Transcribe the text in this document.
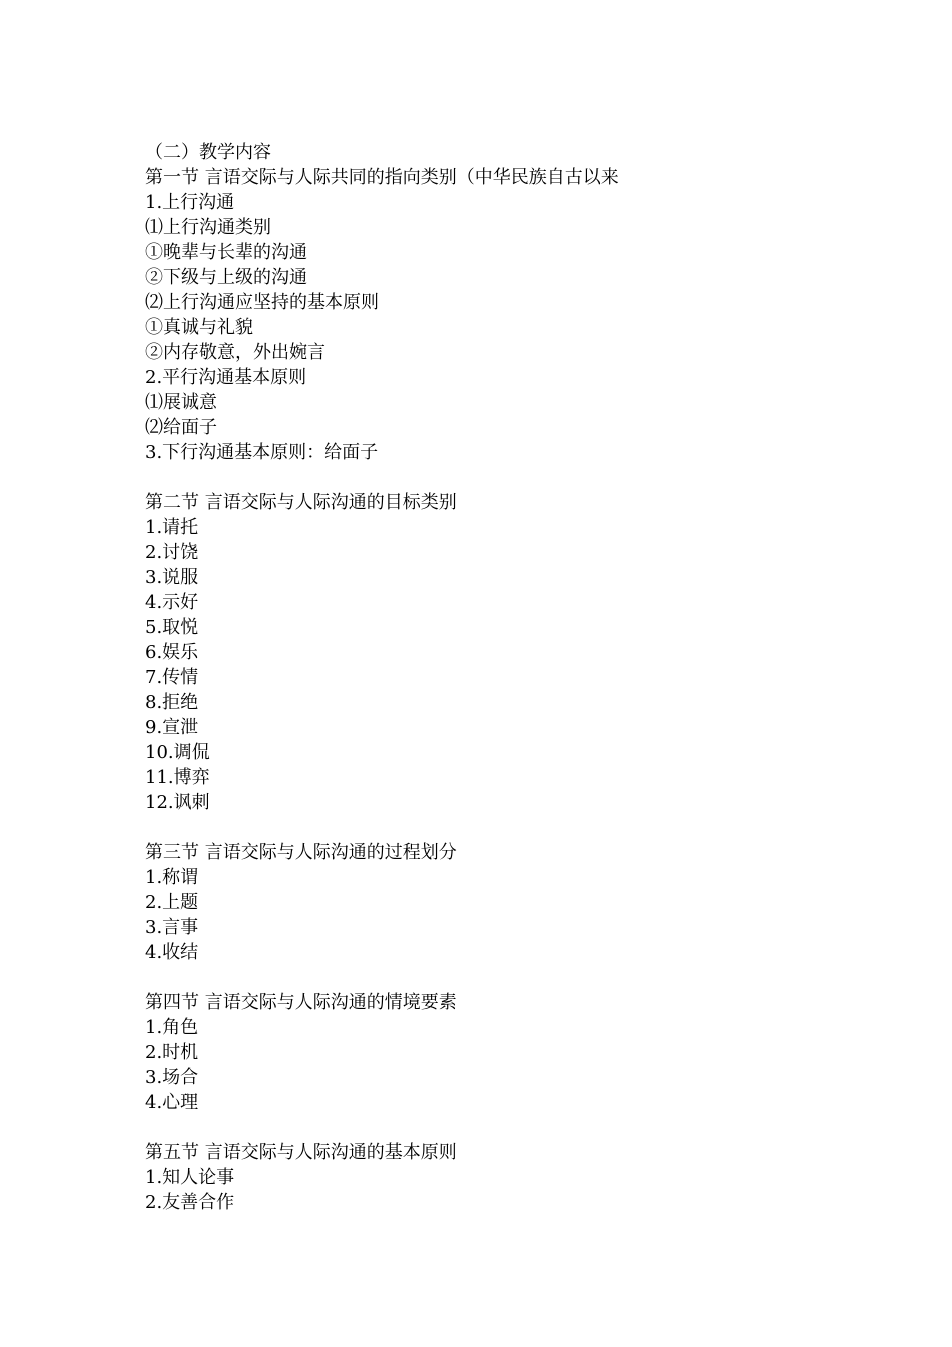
（二）教学内容
第一节 言语交际与人际共同的指向类别（中华民族自古以来
1.上行沟通
⑴上行沟通类别
①晚辈与长辈的沟通
②下级与上级的沟通
⑵上行沟通应坚持的基本原则
①真诚与礼貌
②内存敬意，外出婉言
2.平行沟通基本原则
⑴展诚意
⑵给面子
3.下行沟通基本原则：给面子
第二节 言语交际与人际沟通的目标类别
1.请托
2.讨饶
3.说服
4.示好
5.取悦
6.娱乐
7.传情
8.拒绝
9.宣泄
10.调侃
11.博弈
12.讽刺
第三节 言语交际与人际沟通的过程划分
1.称谓
2.上题
3.言事
4.收结
第四节 言语交际与人际沟通的情境要素
1.角色
2.时机
3.场合
4.心理
第五节 言语交际与人际沟通的基本原则
1.知人论事
2.友善合作
